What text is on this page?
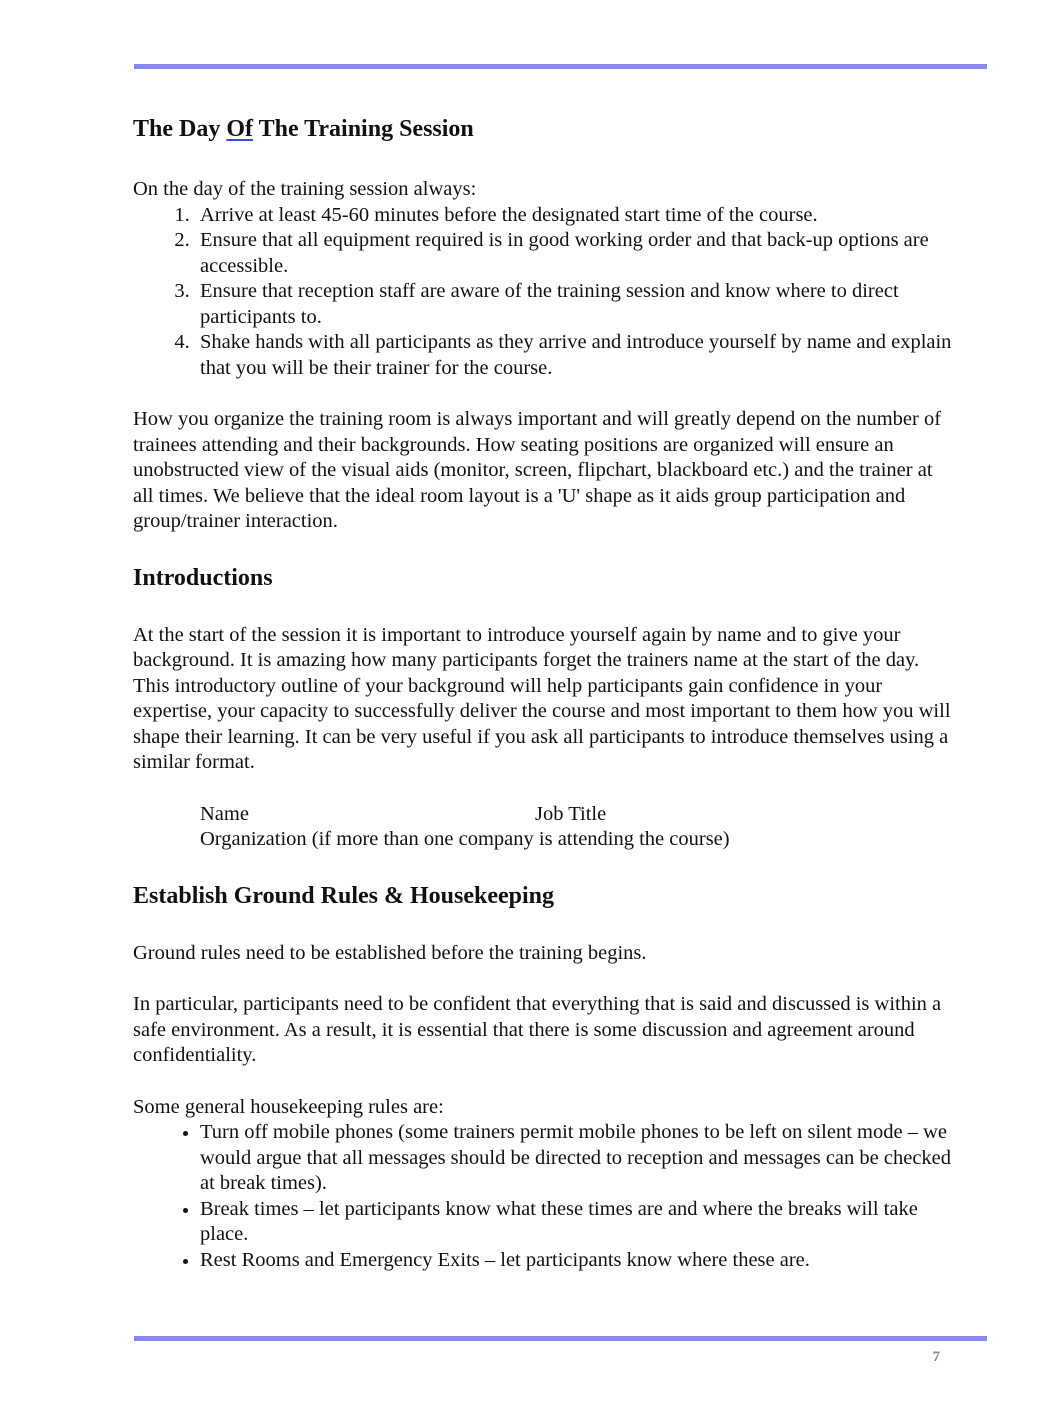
The Day Of The Training Session

On the day of the training session always:

1. Arrive at least 45-60 minutes before the designated start time of the course.
2. Ensure that all equipment required is in good working order and that back-up options are accessible.
3. Ensure that reception staff are aware of the training session and know where to direct participants to.
4. Shake hands with all participants as they arrive and introduce yourself by name and explain that you will be their trainer for the course.

How you organize the training room is always important and will greatly depend on the number of trainees attending and their backgrounds. How seating positions are organized will ensure an unobstructed view of the visual aids (monitor, screen, flipchart, blackboard etc.) and the trainer at all times. We believe that the ideal room layout is a 'U' shape as it aids group participation and group/trainer interaction.

Introductions

At the start of the session it is important to introduce yourself again by name and to give your background. It is amazing how many participants forget the trainers name at the start of the day. This introductory outline of your background will help participants gain confidence in your expertise, your capacity to successfully deliver the course and most important to them how you will shape their learning. It can be very useful if you ask all participants to introduce themselves using a similar format.

Name	Job Title
Organization (if more than one company is attending the course)
Establish Ground Rules & Housekeeping

Ground rules need to be established before the training begins.

In particular, participants need to be confident that everything that is said and discussed is within a safe environment. As a result, it is essential that there is some discussion and agreement around confidentiality.

Some general housekeeping rules are:

• Turn off mobile phones (some trainers permit mobile phones to be left on silent mode – we would argue that all messages should be directed to reception and messages can be checked at break times).
• Break times – let participants know what these times are and where the breaks will take place.
• Rest Rooms and Emergency Exits – let participants know where these are.
7
